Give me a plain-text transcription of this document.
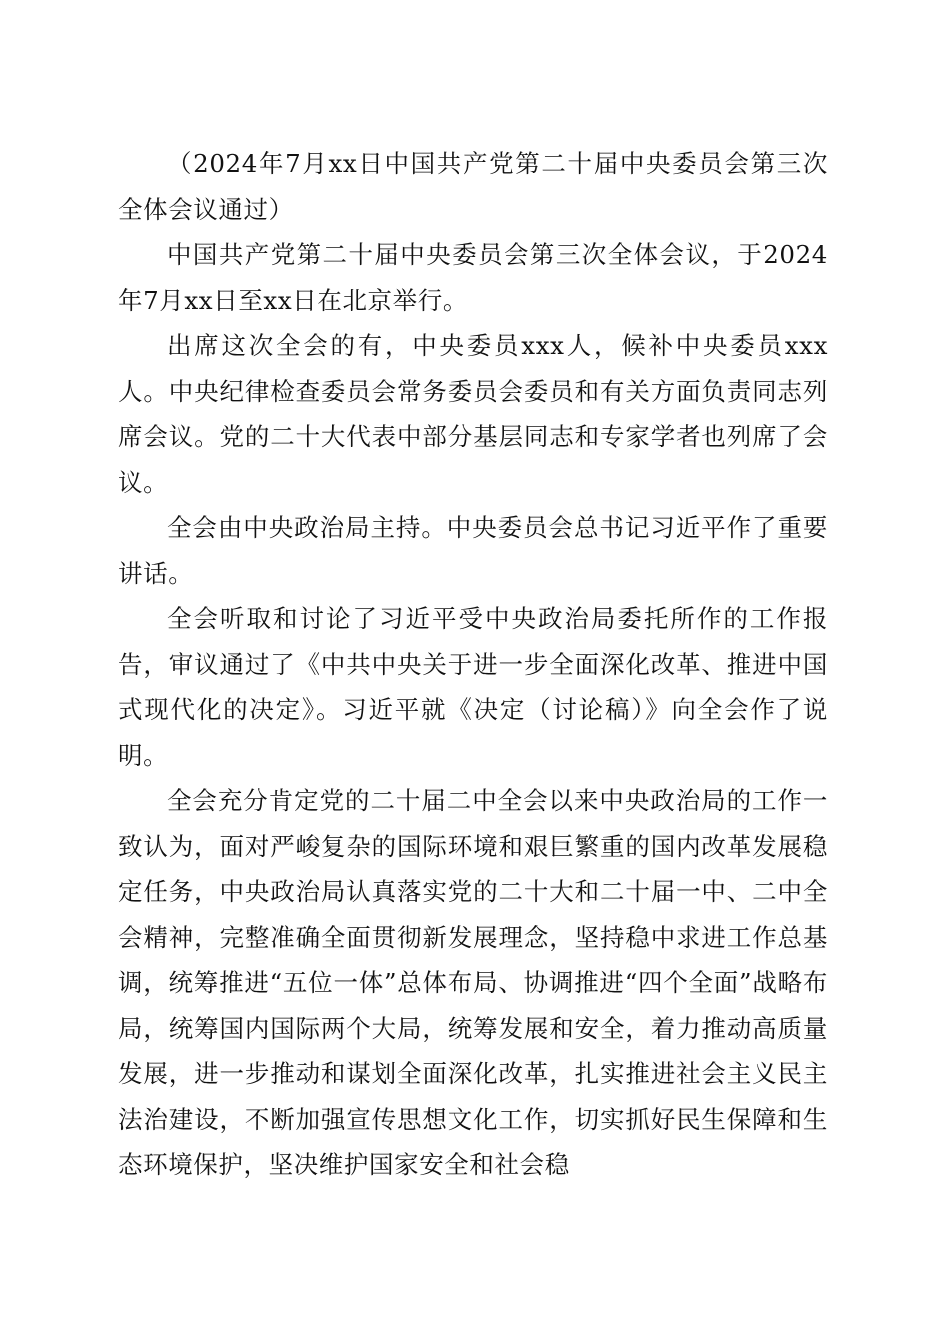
（2024年7月xx日中国共产党第二十届中央委员会第三次全体会议通过）

中国共产党第二十届中央委员会第三次全体会议，于2024年7月xx日至xx日在北京举行。

出席这次全会的有，中央委员xxx人，候补中央委员xxx人。中央纪律检查委员会常务委员会委员和有关方面负责同志列席会议。党的二十大代表中部分基层同志和专家学者也列席了会议。

全会由中央政治局主持。中央委员会总书记习近平作了重要讲话。

全会听取和讨论了习近平受中央政治局委托所作的工作报告，审议通过了《中共中央关于进一步全面深化改革、推进中国式现代化的决定》。习近平就《决定（讨论稿）》向全会作了说明。

全会充分肯定党的二十届二中全会以来中央政治局的工作一致认为，面对严峻复杂的国际环境和艰巨繁重的国内改革发展稳定任务，中央政治局认真落实党的二十大和二十届一中、二中全会精神，完整准确全面贯彻新发展理念，坚持稳中求进工作总基调，统筹推进“五位一体”总体布局、协调推进“四个全面”战略布局，统筹国内国际两个大局，统筹发展和安全，着力推动高质量发展，进一步推动和谋划全面深化改革，扎实推进社会主义民主法治建设，不断加强宣传思想文化工作，切实抓好民生保障和生态环境保护，坚决维护国家安全和社会稳
